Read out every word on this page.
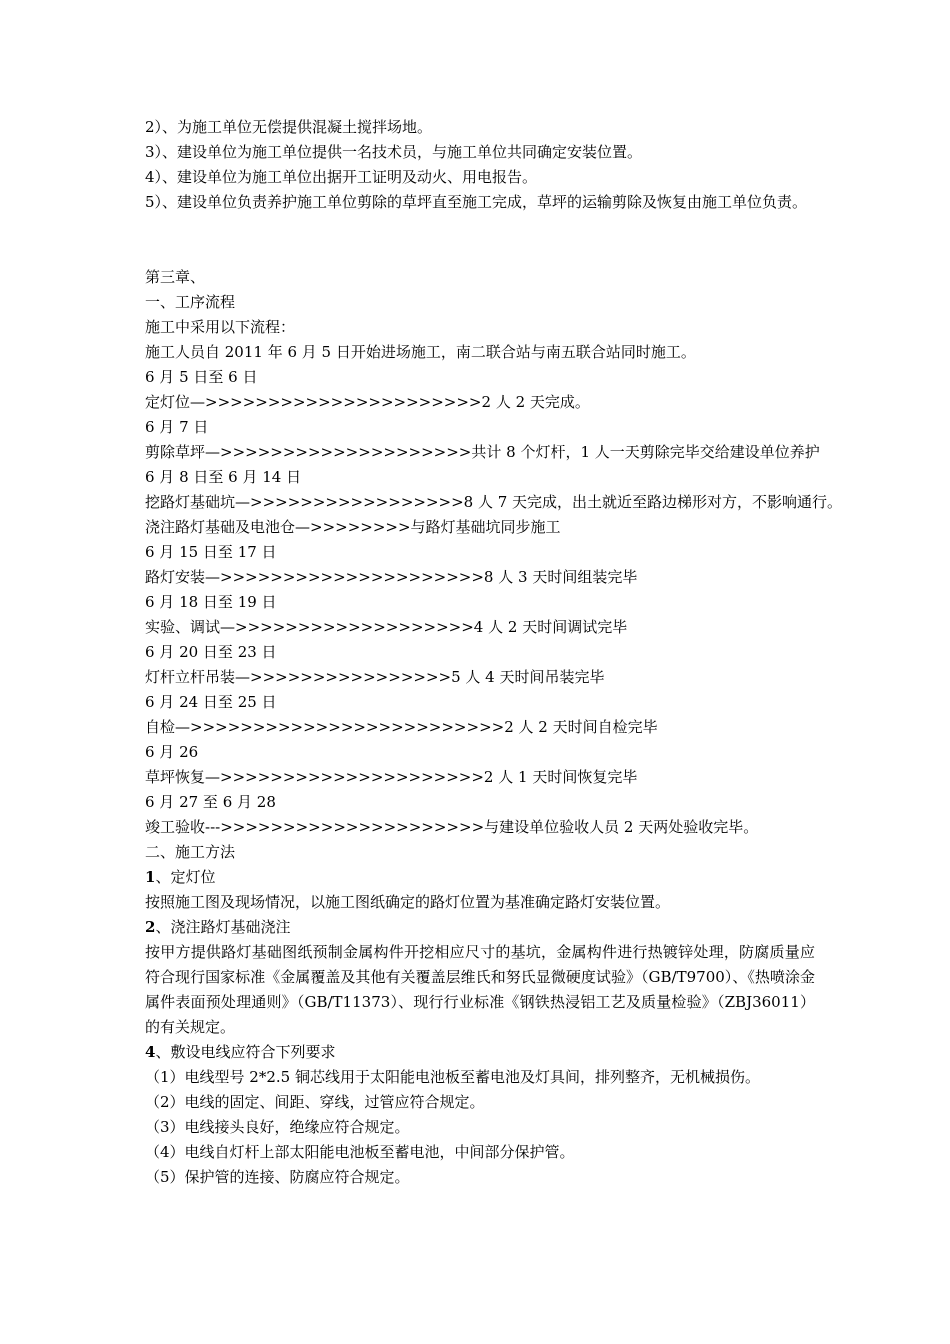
2）、为施工单位无偿提供混凝土搅拌场地。
3）、建设单位为施工单位提供一名技术员，与施工单位共同确定安装位置。
4）、建设单位为施工单位出据开工证明及动火、用电报告。
5）、建设单位负责养护施工单位剪除的草坪直至施工完成，草坪的运输剪除及恢复由施工单位负责。
第三章、
一、工序流程
施工中采用以下流程：
施工人员自 2011 年 6 月 5 日开始进场施工，南二联合站与南五联合站同时施工。
6 月 5 日至 6 日
定灯位—>>>>>>>>>>>>>>>>>>>>>>2 人 2 天完成。
6 月 7 日
剪除草坪—>>>>>>>>>>>>>>>>>>>>共计 8 个灯杆，1 人一天剪除完毕交给建设单位养护
6 月 8 日至 6 月 14 日
挖路灯基础坑—>>>>>>>>>>>>>>>>>8 人 7 天完成，出土就近至路边梯形对方，不影响通行。
浇注路灯基础及电池仓—>>>>>>>>与路灯基础坑同步施工
6 月 15 日至 17 日
路灯安装—>>>>>>>>>>>>>>>>>>>>>8 人 3 天时间组装完毕
6 月 18 日至 19 日
实验、调试—>>>>>>>>>>>>>>>>>>>4 人 2 天时间调试完毕
6 月 20 日至 23 日
灯杆立杆吊装—>>>>>>>>>>>>>>>>5 人 4 天时间吊装完毕
6 月 24 日至 25 日
自检—>>>>>>>>>>>>>>>>>>>>>>>>>2 人 2 天时间自检完毕
6 月 26
草坪恢复—>>>>>>>>>>>>>>>>>>>>>2 人 1 天时间恢复完毕
6 月 27 至 6 月 28
竣工验收--->>>>>>>>>>>>>>>>>>>>>与建设单位验收人员 2 天两处验收完毕。
二、施工方法
1、定灯位
按照施工图及现场情况，以施工图纸确定的路灯位置为基准确定路灯安装位置。
2、浇注路灯基础浇注
按甲方提供路灯基础图纸预制金属构件开挖相应尺寸的基坑，金属构件进行热镀锌处理，防腐质量应符合现行国家标准《金属覆盖及其他有关覆盖层维氏和努氏显微硬度试验》（GB/T9700）、《热喷涂金属件表面预处理通则》（GB/T11373）、现行行业标准《钢铁热浸铝工艺及质量检验》（ZBJ36011）的有关规定。
4、敷设电线应符合下列要求
（1）电线型号 2*2.5 铜芯线用于太阳能电池板至蓄电池及灯具间，排列整齐，无机械损伤。
（2）电线的固定、间距、穿线，过管应符合规定。
（3）电线接头良好，绝缘应符合规定。
（4）电线自灯杆上部太阳能电池板至蓄电池，中间部分保护管。
（5）保护管的连接、防腐应符合规定。
